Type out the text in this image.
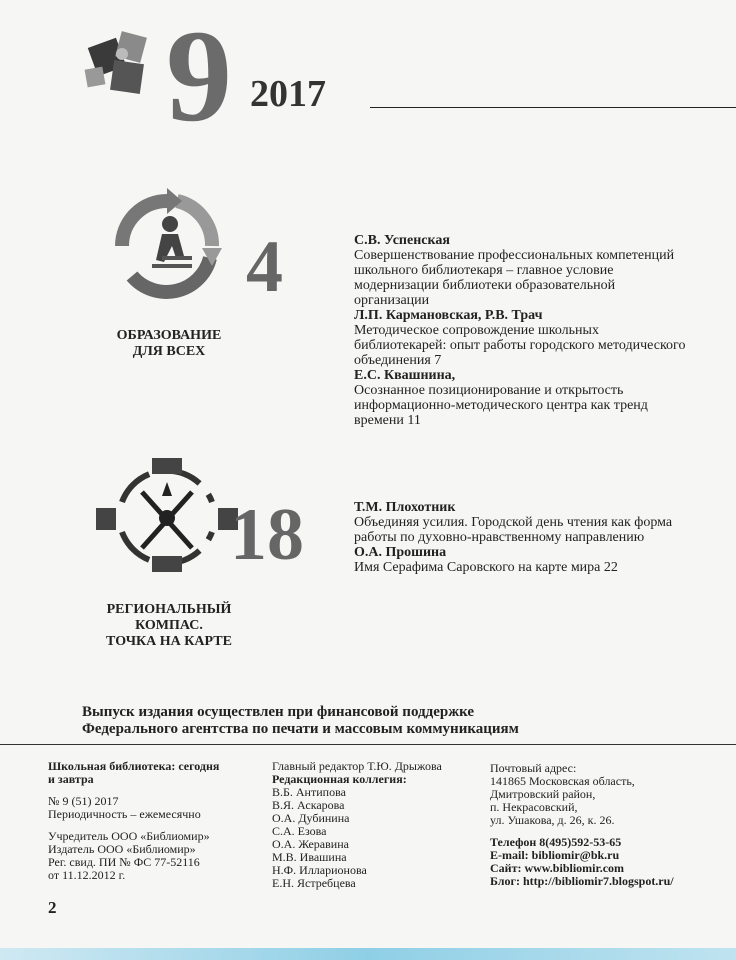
9 2017
4
ОБРАЗОВАНИЕ
ДЛЯ ВСЕХ
С.В. Успенская
Совершенствование профессиональных компетенций
школьного библиотекаря – главное условие
модернизации библиотеки образовательной
организации
Л.П. Кармановская, Р.В. Трач
Методическое сопровождение школьных
библиотекарей: опыт работы городского методического
объединения 7
Е.С. Квашнина,
Осознанное позиционирование и открытость
информационно-методического центра как тренд
времени 11
18
РЕГИОНАЛЬНЫЙ
КОМПАС.
ТОЧКА НА КАРТЕ
Т.М. Плохотник
Объединяя усилия. Городской день чтения как форма
работы по духовно-нравственному направлению
О.А. Прошина
Имя Серафима Саровского на карте мира 22
Выпуск издания осуществлен при финансовой поддержке
Федерального агентства по печати и массовым коммуникациям
Школьная библиотека: сегодня
и завтра
№ 9 (51) 2017
Периодичность – ежемесячно
Учредитель ООО «Библиомир»
Издатель ООО «Библиомир»
Рег. свид. ПИ № ФС 77-52116
от 11.12.2012 г.
Главный редактор Т.Ю. Дрыжова
Редакционная коллегия:
В.Б. Антипова
В.Я. Аскарова
О.А. Дубинина
С.А. Езова
О.А. Жеравина
М.В. Ивашина
Н.Ф. Илларионова
Е.Н. Ястребцева
Почтовый адрес:
141865 Московская область,
Дмитровский район,
п. Некрасовский,
ул. Ушакова, д. 26, к. 26.
Телефон 8(495)592-53-65
E-mail: bibliomir@bk.ru
Сайт: www.bibliomir.com
Блог: http://bibliomir7.blogspot.ru/
2
